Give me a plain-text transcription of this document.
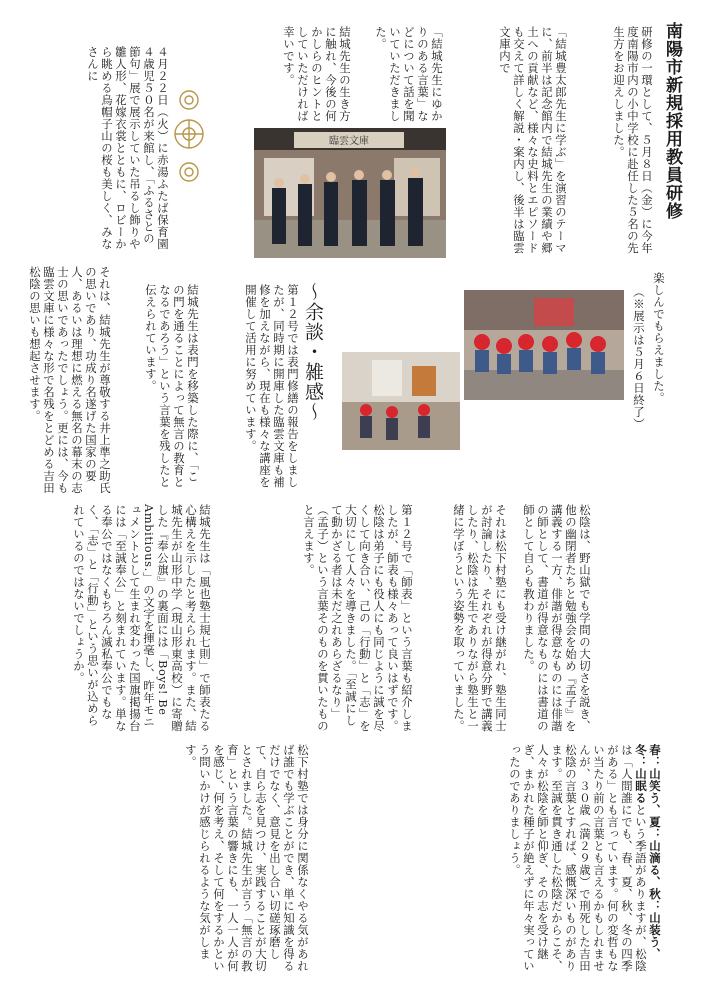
南陽市新規採用教員研修
研修の一環として、５月８日（金）に今年度南陽市内の小中学校に赴任した５名の先生方をお迎えしました。
「結城豊太郎先生に学ぶ」を演習のテーマに、前半は記念館内で結城先生の業績や郷土への貢献など、様々な史料とエピソードも交えて詳しく解説・案内し、後半は臨雲文庫内で
「結城先生にゆかりのある言葉」などについて話を聞いていただきました。
結城先生の生き方に触れ、今後の何かしらのヒントとしていただければ幸いです。
臨雲文庫
４月２２日（火）に赤湯ふたば保育園４歳児５０名が来館し、「ふるさとの節句」展で展示していた吊るし飾りや雛人形、花嫁衣裳とともに、ロビーから眺める烏帽子山の桜も美しく、みなさんに
楽しんでもらえました。
（※展示は５月６日終了）
～余談・雑感～
第１２号では表門修繕の報告をしましたが、同時期に開庫した臨雲文庫も補修を加えながら、現在も様々な講座を開催して活用に努めています。
結城先生は表門を移築した際に、「この門を通ることによって無言の教育となるであろう」という言葉を残したと伝えられています。
それは、結城先生が尊敬する井上準之助氏の思いであり、功成り名遂げた国家の要人、あるいは理想に燃える無名の幕末の志士の思いであったでしょう。更には、今も臨雲文庫に様々な形で名残をとどめる吉田松陰の思いも想起させます。
松陰は、野山獄でも学問の大切さを説き、他の幽閉者たちと勉強会を始め『孟子』を講義する一方、俳諧が得意なものには俳諧の師として、書道が得意なものには書道の師として自らも教わりました。
それは松下村塾にも受け継がれ、塾生同士が討論したり、それぞれが得意分野で講義したり、松陰は先生でありながら塾生と一緒に学ぼうという姿勢を取っていました。
第１２号で「師表」という言葉も紹介しましたが、師表も様々あって良いはずです。松陰は弟子にも役人にも同じように誠を尽くして向き合い、己の「行動」と「志」を大切にして人々を導きました。「至誠にして動かざる者は未だ之れあらざるなり」（孟子）という言葉そのものを貫いたものと言えます。
結城先生は「風也塾士規七則」で師表たる心構えを示したと考えられます。また、結城先生が山形中学（現山形東高校）に寄贈した『奉公旗』の裏面には「Boys! Be Ambitious.」の文字を揮毫し、昨年モニュメントとして生まれ変わった国旗掲揚台には「至誠奉公」と刻まれています。単なる奉公ではなくもちろん滅私奉公でもなく、「志」と「行動」という思いが込められているのではないでしょうか。
春：山笑う、夏：山滴る、秋：山装う、冬：山眠るという季語がありますが、松陰は「人間誰にでも、春、夏、秋、冬の四季がある」とも言っています。何の変哲もない当たり前の言葉とも言えるかもしれませんが、３０歳（満２９歳）で刑死した吉田松陰の言葉とすれば、感慨深いものがあります。至誠を貫き通した松陰だからこそ、人々が松陰を師と仰ぎ、その志を受け継ぎ、まかれた種子が絶えずに年々実っていったのでありましょう。
松下村塾では身分に関係なくやる気があれば誰でも学ぶことができ、単に知識を得るだけでなく、意見を出し合い切磋琢磨して、自ら志を見つけ、実践することが大切とされました。結城先生が言う「無言の教育」という言葉の響きにも、一人一人が何を感じ、何を考え、そして何をするかという問いかけが感じられるような気がします。
